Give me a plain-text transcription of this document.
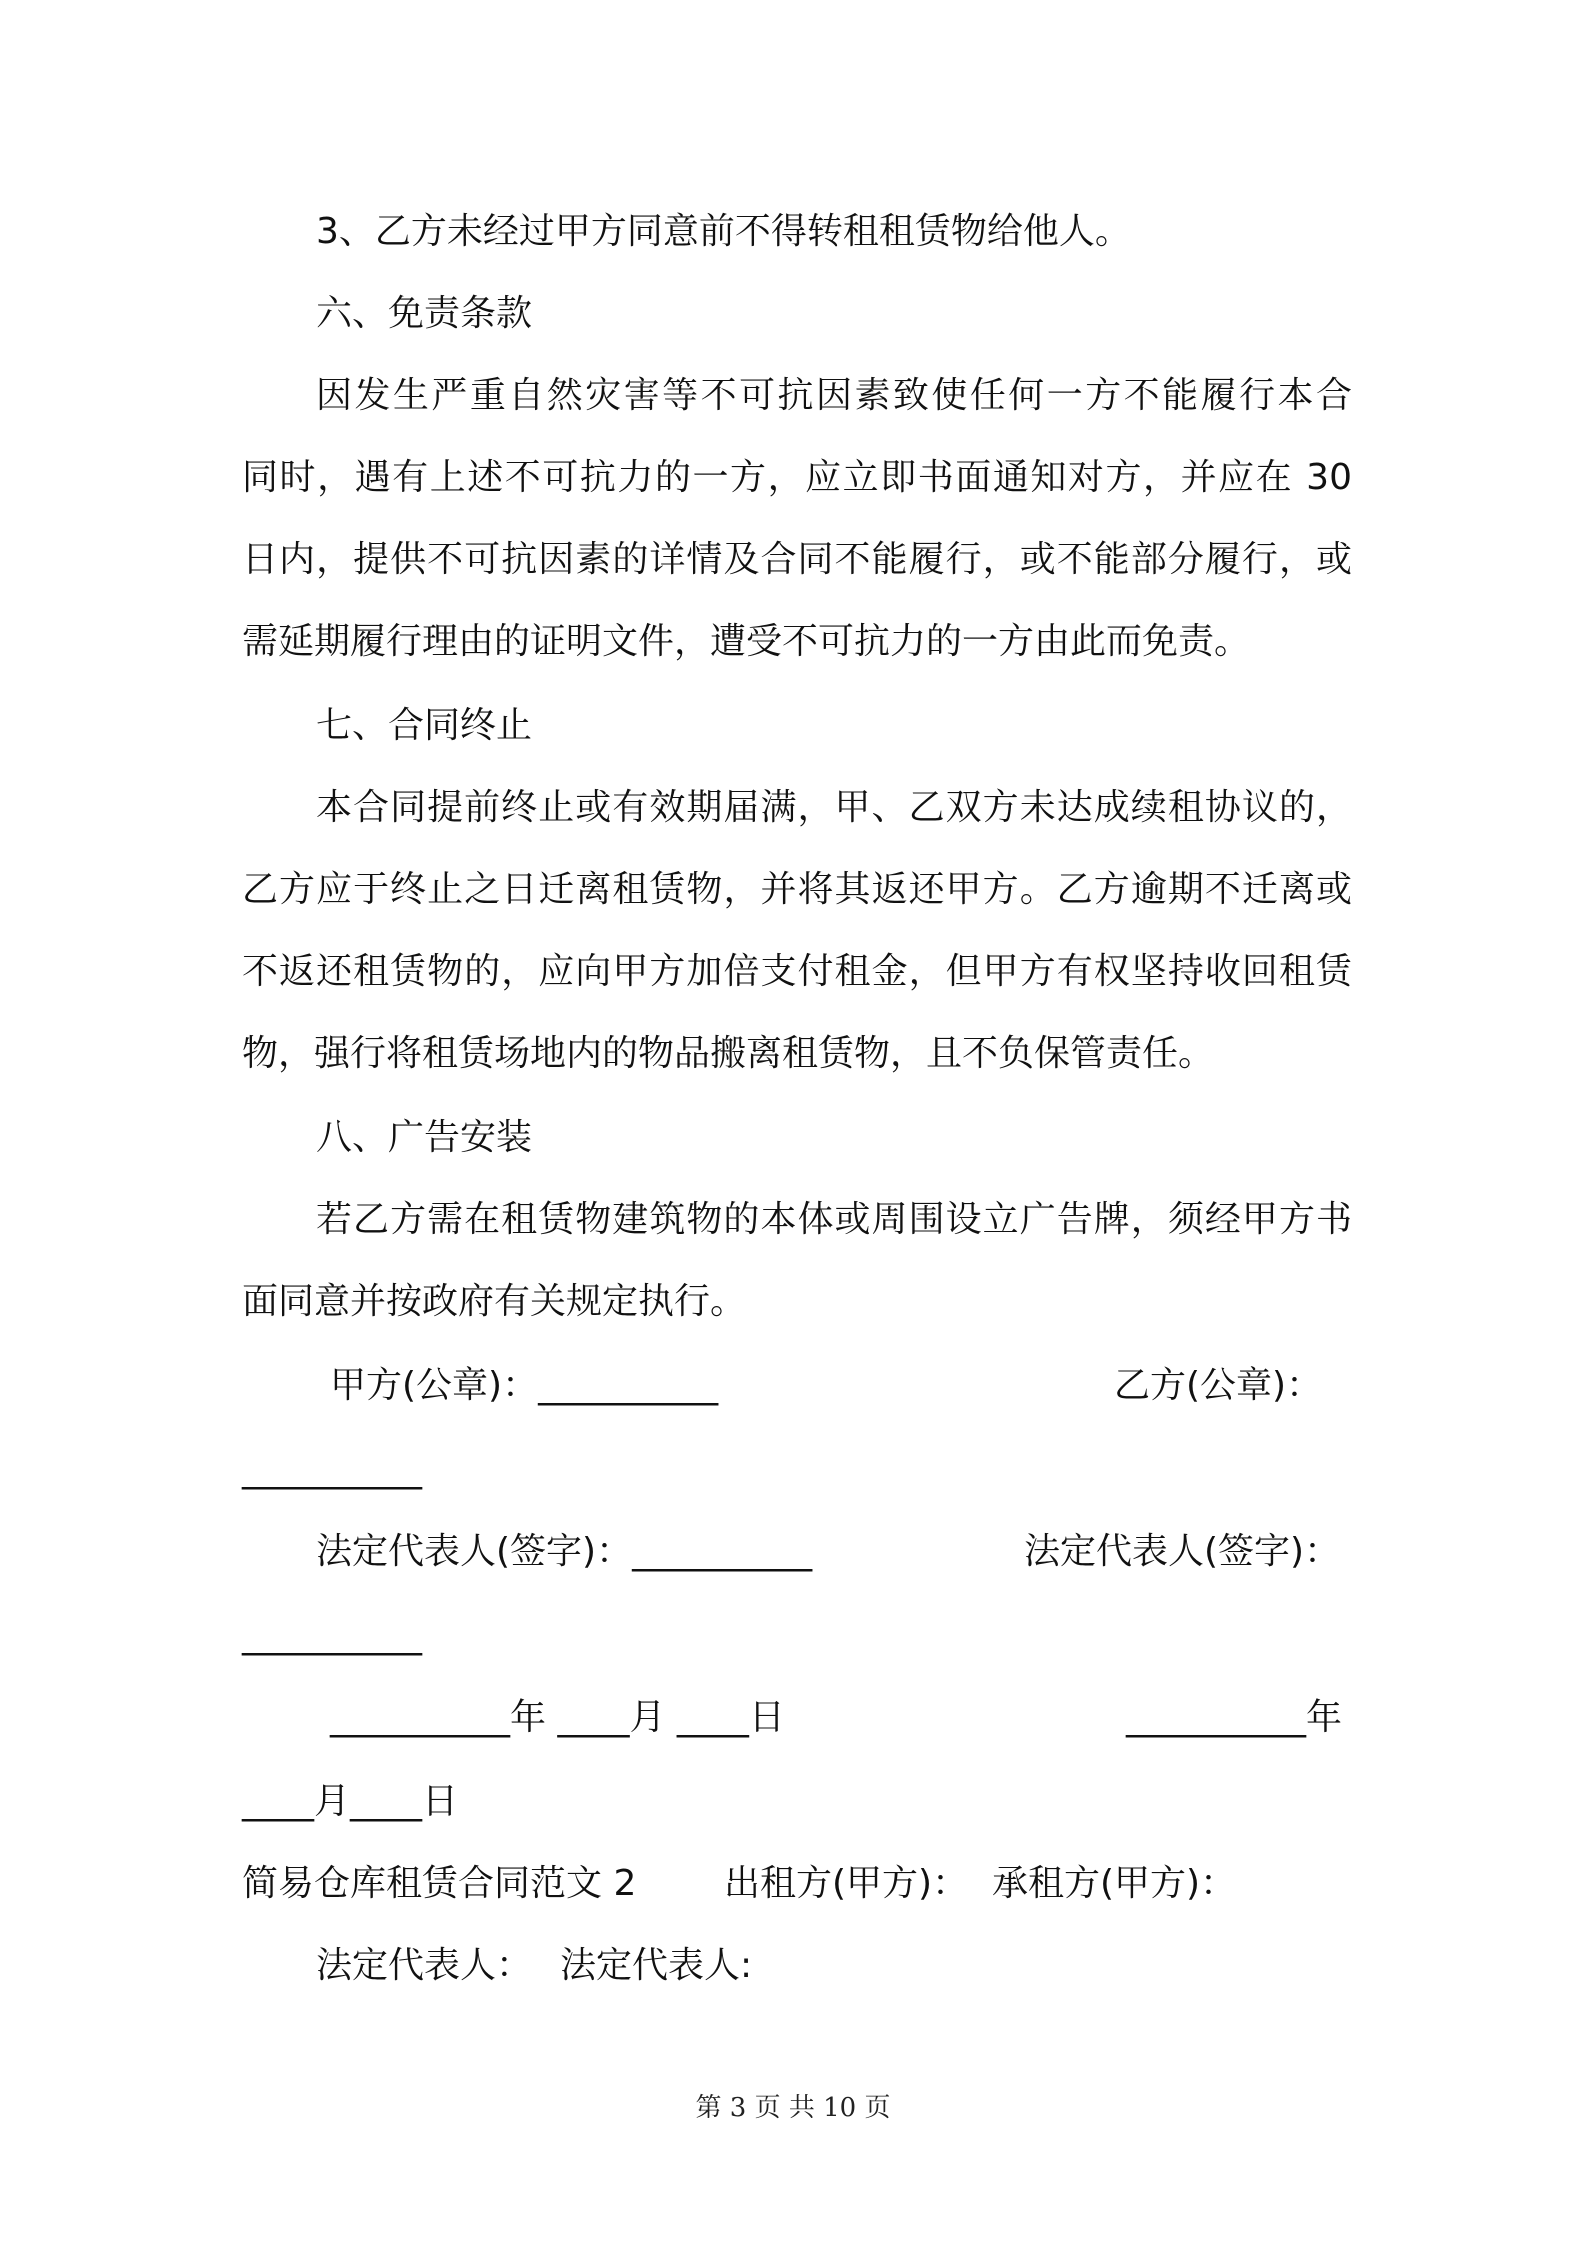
3、乙方未经过甲方同意前不得转租租赁物给他人。
六、免责条款
因发生严重自然灾害等不可抗因素致使任何一方不能履行本合
同时，遇有上述不可抗力的一方，应立即书面通知对方，并应在 30
日内，提供不可抗因素的详情及合同不能履行，或不能部分履行，或
需延期履行理由的证明文件，遭受不可抗力的一方由此而免责。
七、合同终止
本合同提前终止或有效期届满，甲、乙双方未达成续租协议的，
乙方应于终止之日迁离租赁物，并将其返还甲方。乙方逾期不迁离或
不返还租赁物的，应向甲方加倍支付租金，但甲方有权坚持收回租赁
物，强行将租赁场地内的物品搬离租赁物，且不负保管责任。
八、广告安装
若乙方需在租赁物建筑物的本体或周围设立广告牌，须经甲方书
面同意并按政府有关规定执行。
甲方(公章)：__________	乙方(公章)：
__________
法定代表人(签字)：__________	法定代表人(签字)：
__________
__________年 ____月 ____日	__________年
____月____日
简易仓库租赁合同范文 2 出租方(甲方)： 承租方(甲方)：
法定代表人： 法定代表人:
第 3 页 共 10 页
